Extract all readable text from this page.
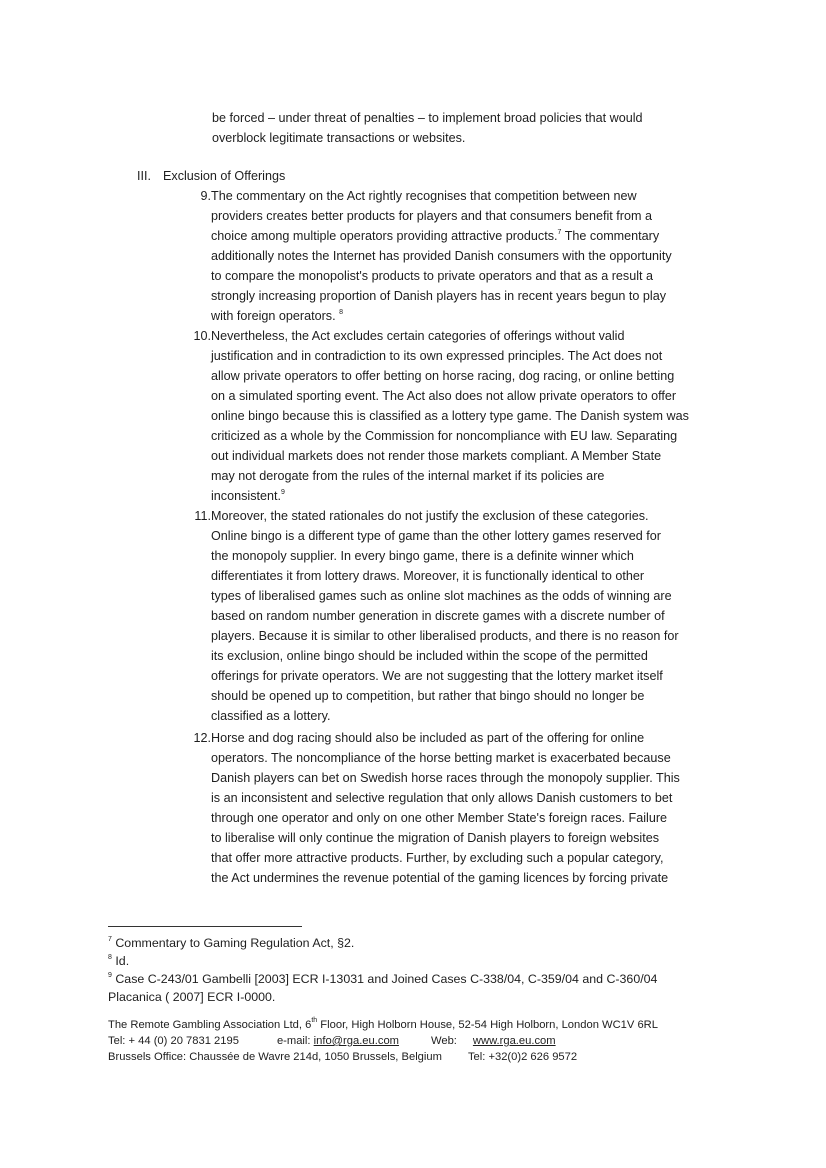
be forced – under threat of penalties – to implement broad policies that would
overblock legitimate transactions or websites.
III. Exclusion of Offerings
9. The commentary on the Act rightly recognises that competition between new
providers creates better products for players and that consumers benefit from a
choice among multiple operators providing attractive products.$^7$ The commentary
additionally notes the Internet has provided Danish consumers with the opportunity
to compare the monopolist's products to private operators and that as a result a
strongly increasing proportion of Danish players has in recent years begun to play
with foreign operators. $^8$
10. Nevertheless, the Act excludes certain categories of offerings without valid
justification and in contradiction to its own expressed principles. The Act does not
allow private operators to offer betting on horse racing, dog racing, or online betting
on a simulated sporting event. The Act also does not allow private operators to offer
online bingo because this is classified as a lottery type game. The Danish system was
criticized as a whole by the Commission for noncompliance with EU law. Separating
out individual markets does not render those markets compliant. A Member State
may not derogate from the rules of the internal market if its policies are
inconsistent.$^9$
11. Moreover, the stated rationales do not justify the exclusion of these categories.
Online bingo is a different type of game than the other lottery games reserved for
the monopoly supplier. In every bingo game, there is a definite winner which
differentiates it from lottery draws. Moreover, it is functionally identical to other
types of liberalised games such as online slot machines as the odds of winning are
based on random number generation in discrete games with a discrete number of
players. Because it is similar to other liberalised products, and there is no reason for
its exclusion, online bingo should be included within the scope of the permitted
offerings for private operators. We are not suggesting that the lottery market itself
should be opened up to competition, but rather that bingo should no longer be
classified as a lottery.
12. Horse and dog racing should also be included as part of the offering for online
operators. The noncompliance of the horse betting market is exacerbated because
Danish players can bet on Swedish horse races through the monopoly supplier. This
is an inconsistent and selective regulation that only allows Danish customers to bet
through one operator and only on one other Member State's foreign races. Failure
to liberalise will only continue the migration of Danish players to foreign websites
that offer more attractive products. Further, by excluding such a popular category,
the Act undermines the revenue potential of the gaming licences by forcing private
$^7$ Commentary to Gaming Regulation Act, §2.
$^8$ Id.
$^9$ Case C-243/01 Gambelli [2003] ECR I-13031 and Joined Cases C-338/04, C-359/04 and C-360/04
Placanica ( 2007] ECR I-0000.
The Remote Gambling Association Ltd, 6th Floor, High Holborn House, 52-54 High Holborn, London WC1V 6RL
Tel: + 44 (0) 20 7831 2195	e-mail: info@rga.eu.com	Web: www.rga.eu.com
Brussels Office: Chaussée de Wavre 214d, 1050 Brussels, Belgium Tel: +32(0)2 626 9572
